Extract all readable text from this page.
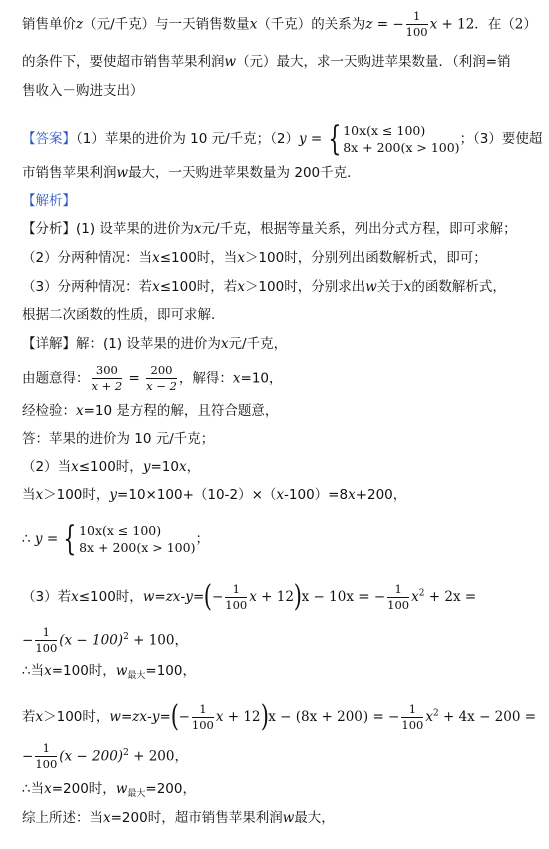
销售单价z（元/千克）与一天销售数量x（千克）的关系为z = − $\frac{1}{100}$ x + 12．在（2）
的条件下，要使超市销售苹果利润w（元）最大，求一天购进苹果数量．（利润=销
售收入－购进支出）
【答案】（1）苹果的进价为 10 元/千克；（2）y = { 10x(x ≤ 100)
8x + 200(x > 100)
；（3）要使超
市销售苹果利润w最大，一天购进苹果数量为 200千克．
【解析】
【分析】(1) 设苹果的进价为x元/千克，根据等量关系，列出分式方程，即可求解；
（2）分两种情况：当x≤100时，当x＞100时，分别列出函数解析式，即可；
（3）分两种情况：若x≤100时，若x＞100时，分别求出w关于x的函数解析式，
根据二次函数的性质，即可求解．
【详解】解：(1) 设苹果的进价为x元/千克，
由题意得： $\frac{300}{x + 2} = \frac{200}{x - 2}$ ，解得：x=10，
经检验：x=10 是方程的解，且符合题意，
答：苹果的进价为 10 元/千克；
（2）当x≤100时，y=10x，
当x＞100时，y=10×100+（10-2）×（x-100）=8x+200，
∴ y = { 10x(x ≤ 100)
8x + 200(x > 100)
；
（3）若x≤100时，$w=zx-y=(- \frac{1}{100}$ x + 12)x − 10x = − $\frac{1}{100} x^2 + 2x$ =
− $\frac{1}{100} (x - 100)^2 + 100$，
∴当x=100时，$w_{最大}=100$，
若x＞100时，$w=zx-y=(- \frac{1}{100}$ x + 12)x − (8x + 200) = − $\frac{1}{100} x^2 + 4x - 200$ =
− $\frac{1}{100} (x - 200)^2 + 200$，
∴当x=200时，$w_{最大}=200$，
综上所述：当x=200时，超市销售苹果利润w最大，
